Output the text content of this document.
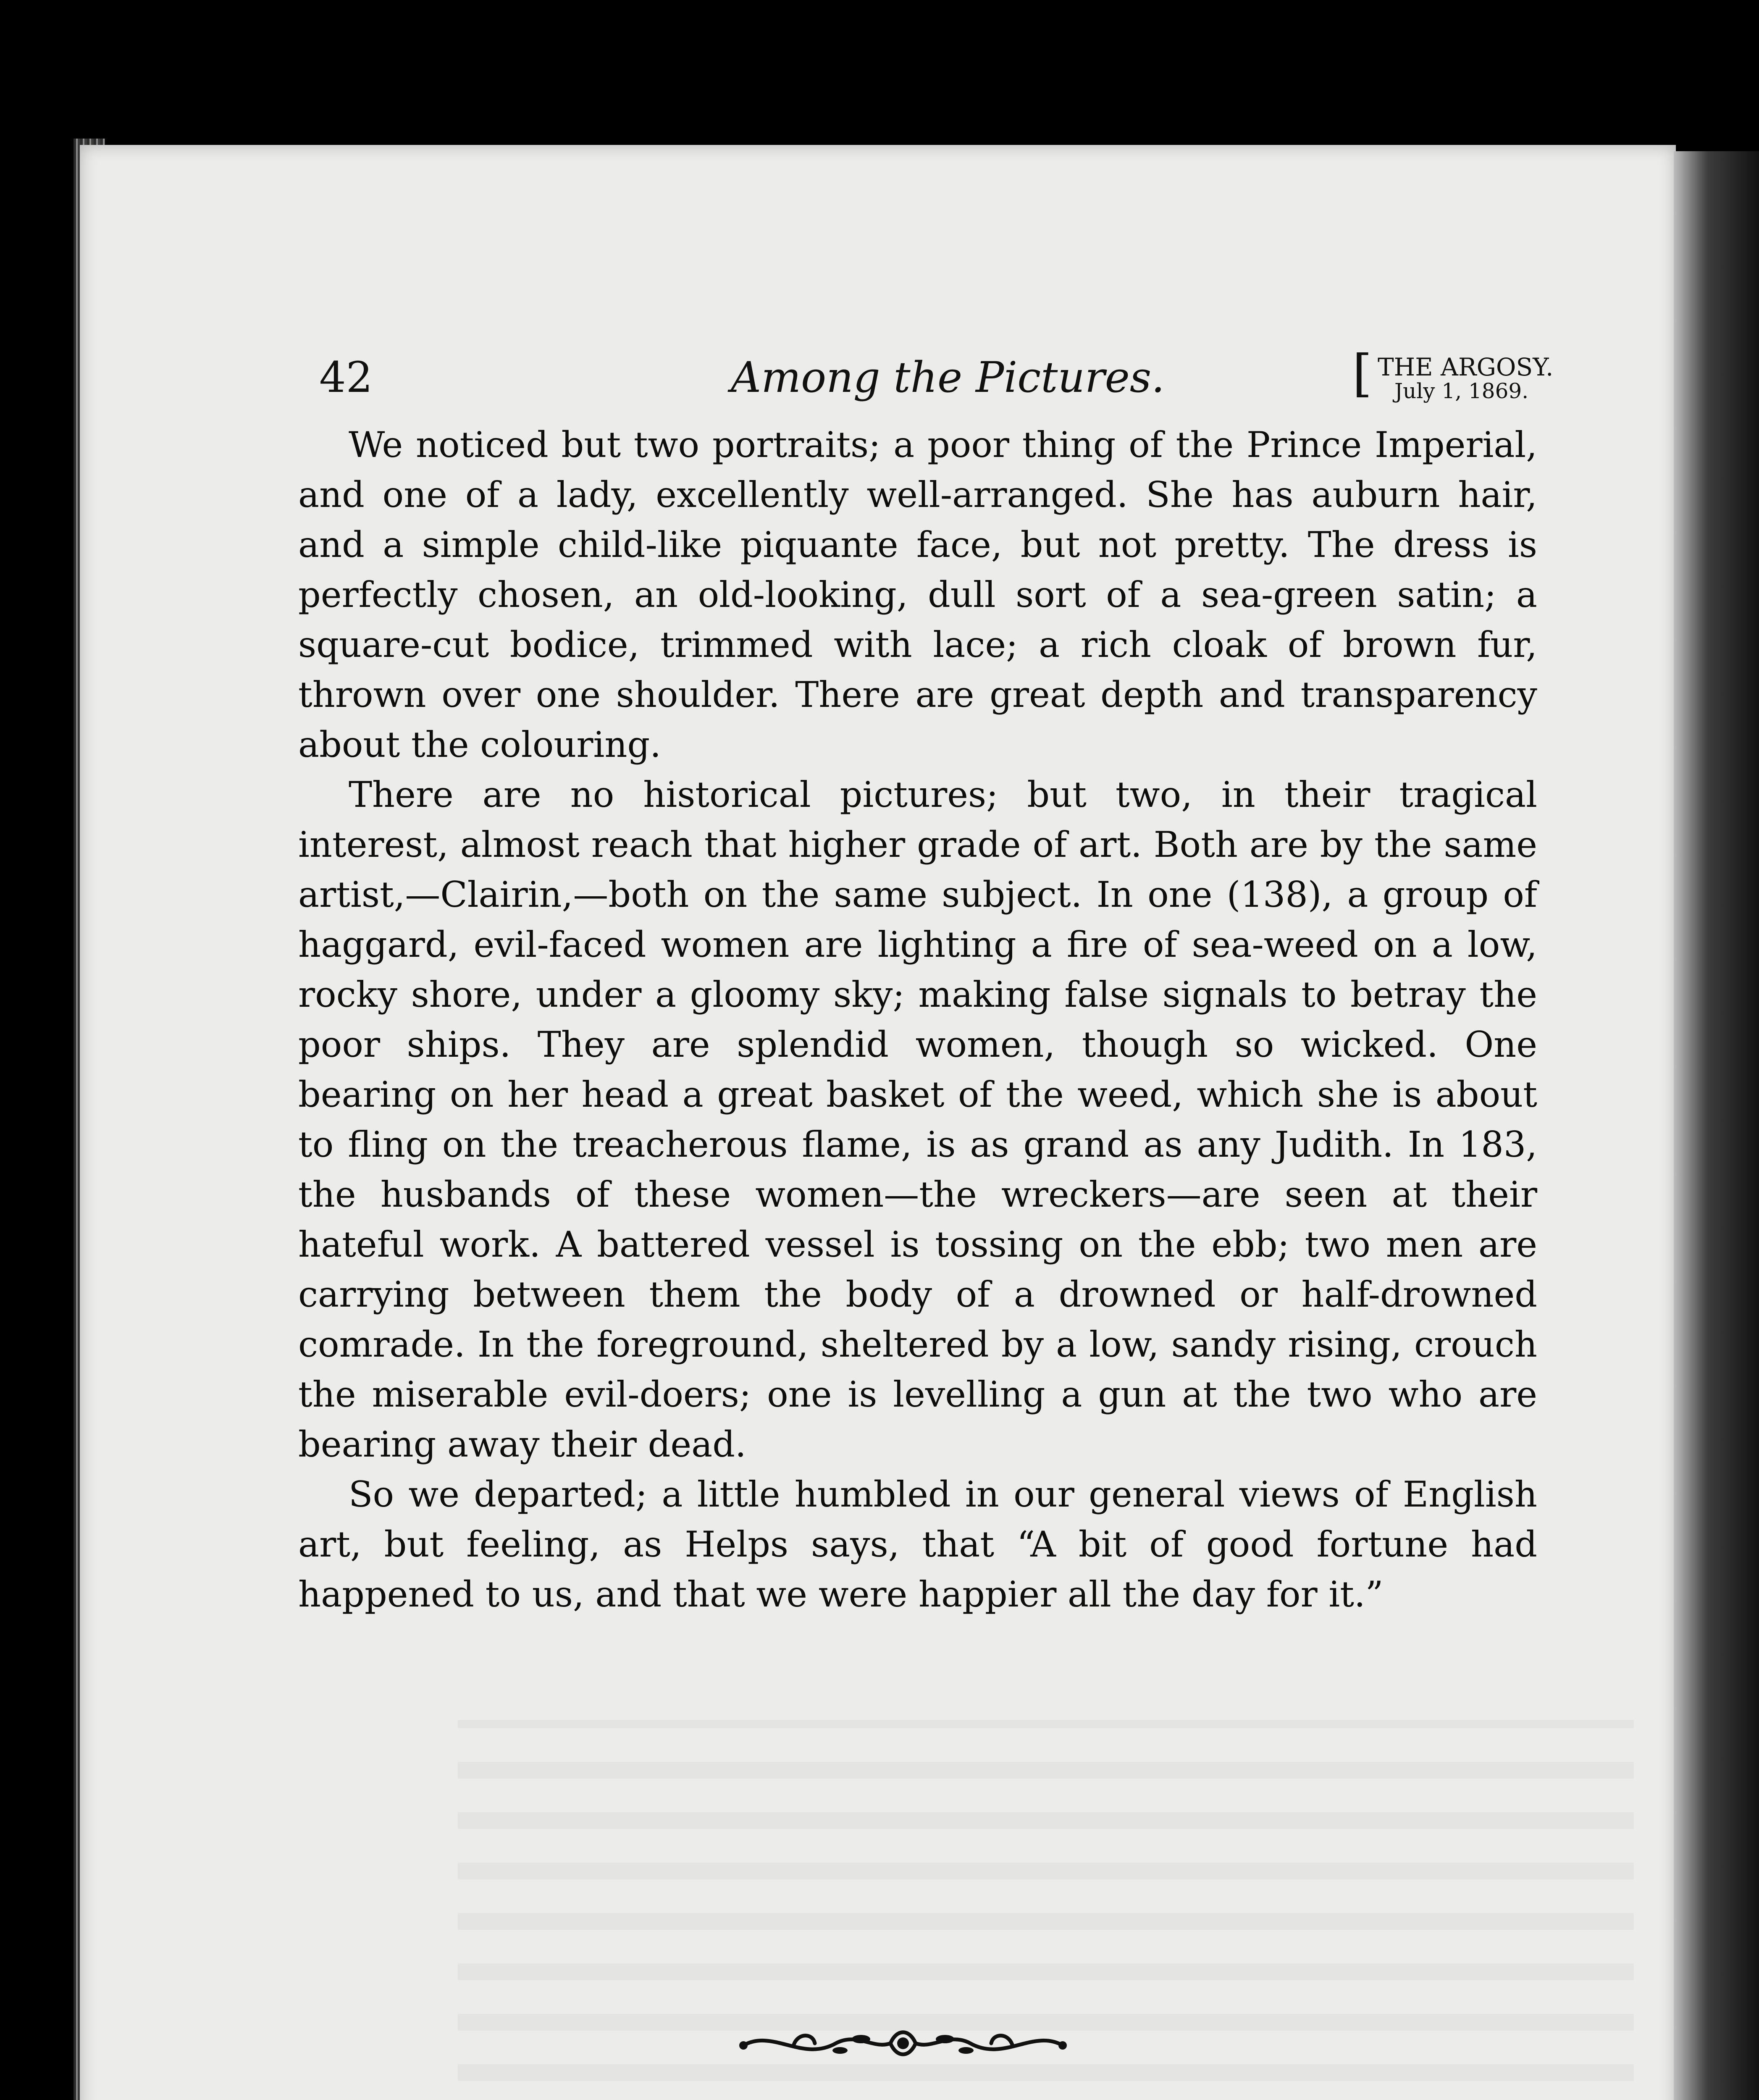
42	Among the Pictures.	[ THE ARGOSY.
July 1, 1869.

We noticed but two portraits; a poor thing of the Prince Imperial, and one of a lady, excellently well-arranged. She has auburn hair, and a simple child-like piquante face, but not pretty. The dress is perfectly chosen, an old-looking, dull sort of a sea-green satin; a square-cut bodice, trimmed with lace; a rich cloak of brown fur, thrown over one shoulder. There are great depth and transparency about the colouring.

There are no historical pictures; but two, in their tragical interest, almost reach that higher grade of art. Both are by the same artist,—Clairin,—both on the same subject. In one (138), a group of haggard, evil-faced women are lighting a fire of sea-weed on a low, rocky shore, under a gloomy sky; making false signals to betray the poor ships. They are splendid women, though so wicked. One bearing on her head a great basket of the weed, which she is about to fling on the treacherous flame, is as grand as any Judith. In 183, the husbands of these women—the wreckers—are seen at their hateful work. A battered vessel is tossing on the ebb; two men are carrying between them the body of a drowned or half-drowned comrade. In the foreground, sheltered by a low, sandy rising, crouch the miserable evil-doers; one is levelling a gun at the two who are bearing away their dead.

So we departed; a little humbled in our general views of English art, but feeling, as Helps says, that “A bit of good fortune had happened to us, and that we were happier all the day for it.”
